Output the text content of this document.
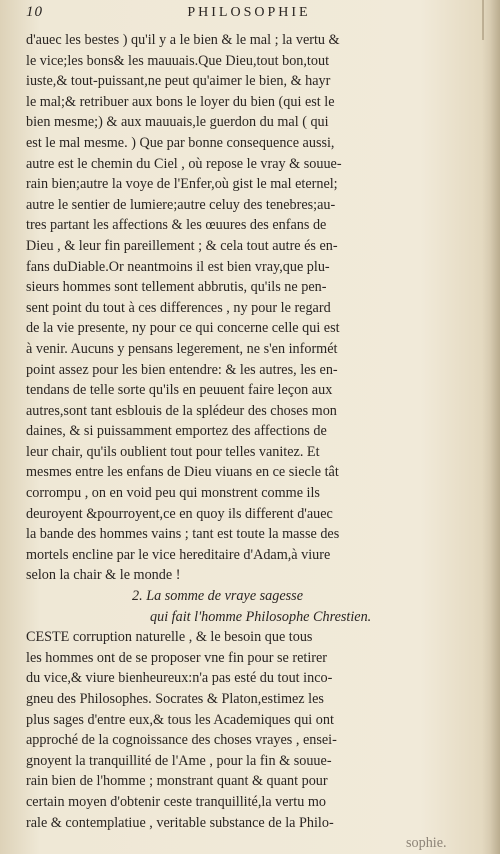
10	PHILOSOPHIE
d'auec les bestes ) qu'il y a le bien & le mal ; la vertu &
le vice;les bons& les mauuais.Que Dieu,tout bon,tout
iuste,& tout-puissant,ne peut qu'aimer le bien, & hayr
le mal;& retribuer aux bons le loyer du bien (qui est le
bien mesme;) & aux mauuais,le guerdon du mal ( qui
est le mal mesme. ) Que par bonne consequence aussi,
autre est le chemin du Ciel , où repose le vray & souue-
rain bien;autre la voye de l'Enfer,où gist le mal eternel;
autre le sentier de lumiere;autre celuy des tenebres;au-
tres partant les affections & les œuures des enfans de
Dieu , & leur fin pareillement ; & cela tout autre és en-
fans duDiable.Or neantmoins il est bien vray,que plu-
sieurs hommes sont tellement abbrutis, qu'ils ne pen-
sent point du tout à ces differences , ny pour le regard
de la vie presente, ny pour ce qui concerne celle qui est
à venir. Aucuns y pensans legerement, ne s'en informét
point assez pour les bien entendre: & les autres, les en-
tendans de telle sorte qu'ils en peuuent faire leçon aux
autres,sont tant esblouis de la splédeur des choses mon
daines, & si puissamment emportez des affections de
leur chair, qu'ils oublient tout pour telles vanitez. Et
mesmes entre les enfans de Dieu viuans en ce siecle tât
corrompu , on en void peu qui monstrent comme ils
deuroyent &pourroyent,ce en quoy ils different d'auec
la bande des hommes vains ; tant est toute la masse des
mortels encline par le vice hereditaire d'Adam,à viure
selon la chair & le monde !
2. La somme de vraye sagesse
qui fait l'homme Philosophe Chrestien.
CESTE corruption naturelle , & le besoin que tous
les hommes ont de se proposer vne fin pour se retirer
du vice,& viure bienheureux:n'a pas esté du tout inco-
gneu des Philosophes. Socrates & Platon,estimez les
plus sages d'entre eux,& tous les Academiques qui ont
approché de la cognoissance des choses vrayes , ensei-
gnoyent la tranquillité de l'Ame , pour la fin & souue-
rain bien de l'homme ; monstrant quant & quant pour
certain moyen d'obtenir ceste tranquillité,la vertu mo
rale & contemplatiue , veritable substance de la Philo-
sophie.
